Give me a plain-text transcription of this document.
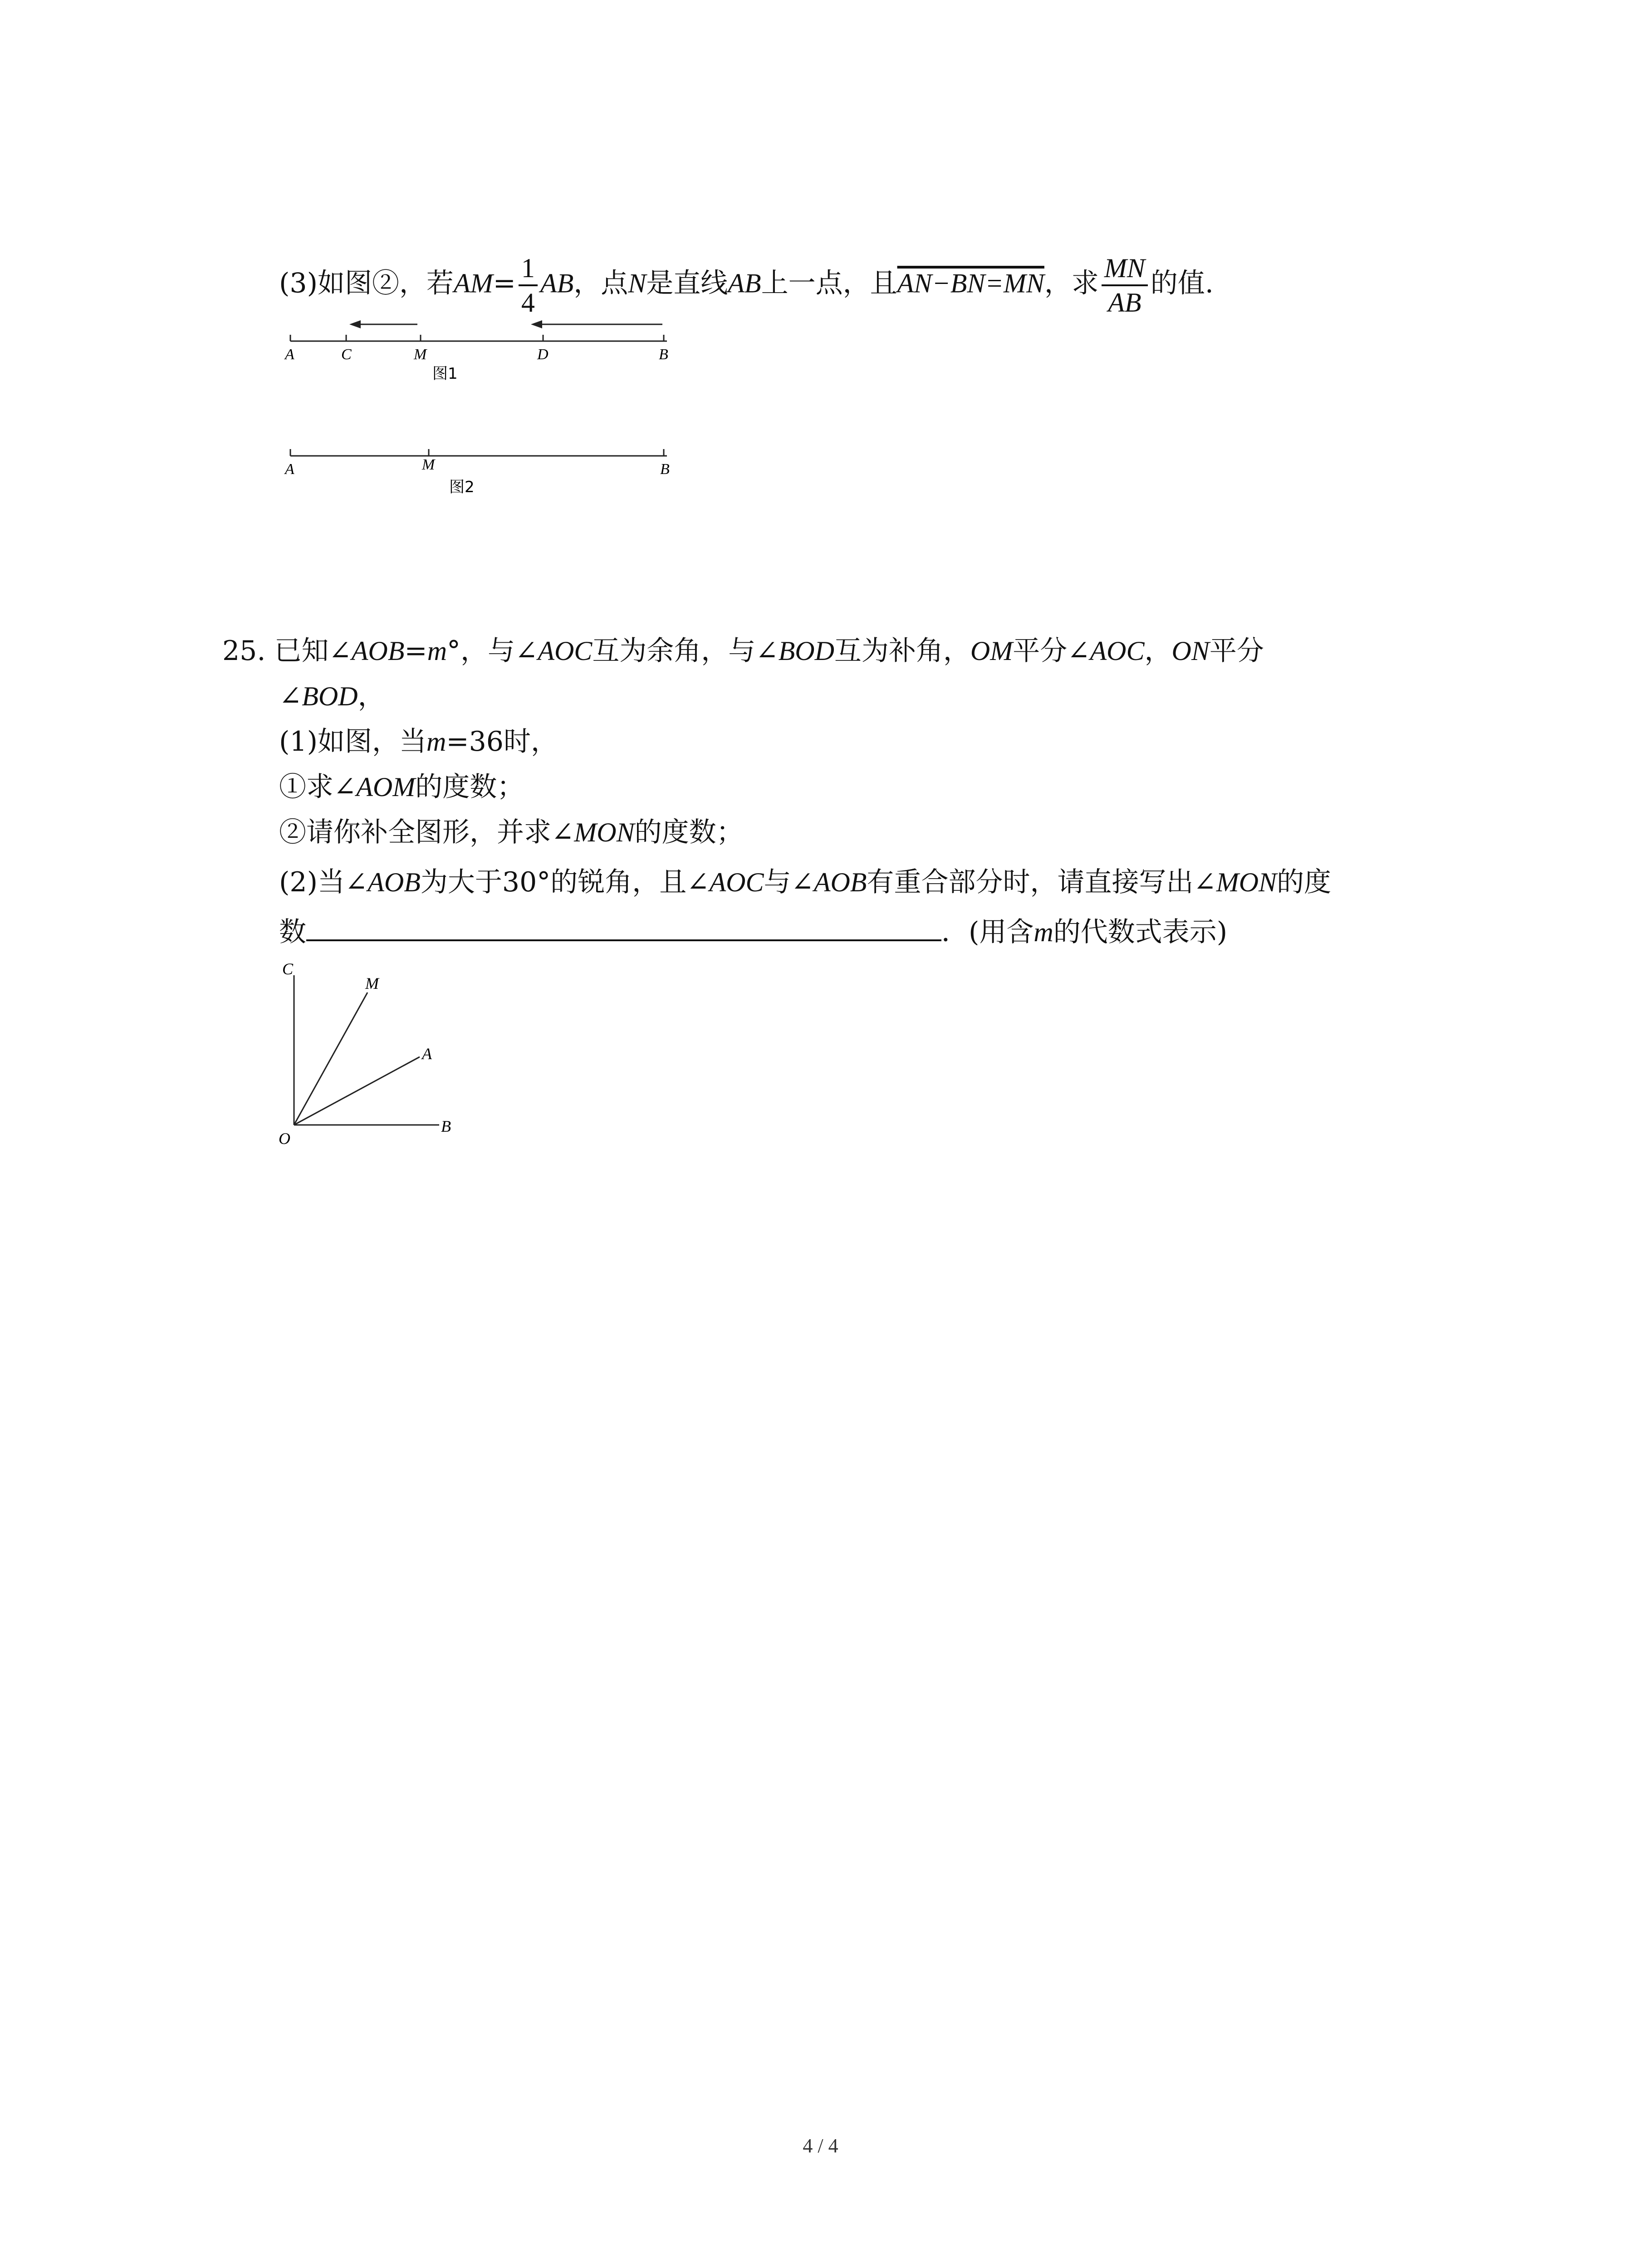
(3)如图②，若$AM= \frac{1}{4}$ AB，点N是直线AB上一点，且AN−BN=MN，求 $\frac{MN}{AB}$ 的值.
A	C	M	D	B
图1
A	M	B
图2
25. 已知∠AOB=m°，与∠AOC互为余角，与∠BOD互为补角，OM平分∠AOC，ON平分
∠BOD，
(1)如图，当m=36时，
①求∠AOM的度数；
②请你补全图形，并求∠MON的度数；
(2)当∠AOB为大于30°的锐角，且∠AOC与∠AOB有重合部分时，请直接写出∠MON的度
数	．(用含m的代数式表示)
C
M
A
B
O
4 / 4
